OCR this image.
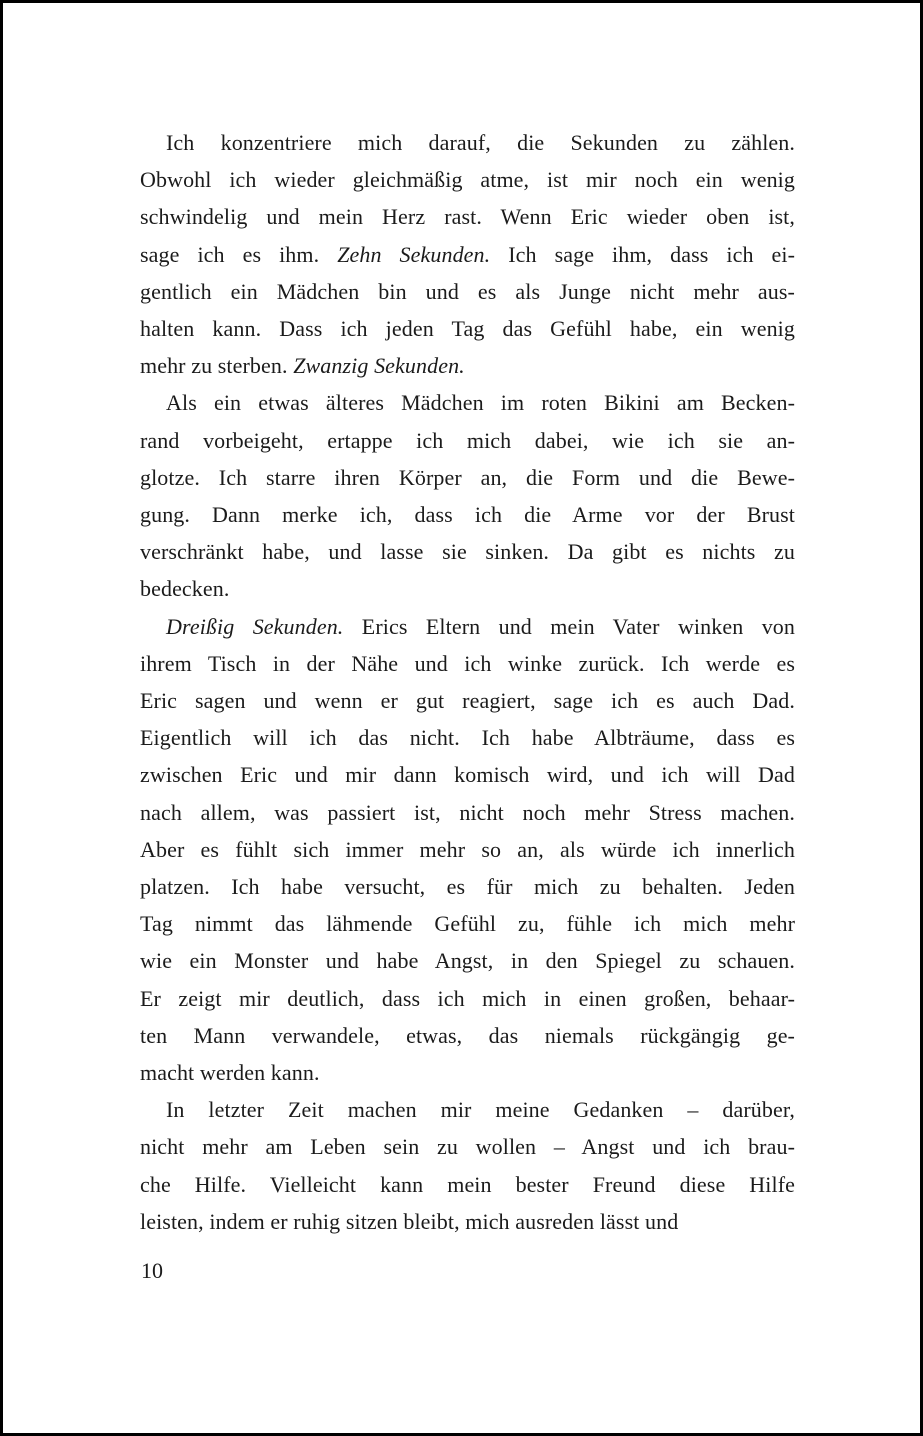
Ich konzentriere mich darauf, die Sekunden zu zählen.
Obwohl ich wieder gleichmäßig atme, ist mir noch ein wenig
schwindelig und mein Herz rast. Wenn Eric wieder oben ist,
sage ich es ihm. Zehn Sekunden. Ich sage ihm, dass ich ei-
gentlich ein Mädchen bin und es als Junge nicht mehr aus-
halten kann. Dass ich jeden Tag das Gefühl habe, ein wenig
mehr zu sterben. Zwanzig Sekunden.
Als ein etwas älteres Mädchen im roten Bikini am Becken-
rand vorbeigeht, ertappe ich mich dabei, wie ich sie an-
glotze. Ich starre ihren Körper an, die Form und die Bewe-
gung. Dann merke ich, dass ich die Arme vor der Brust
verschränkt habe, und lasse sie sinken. Da gibt es nichts zu
bedecken.
Dreißig Sekunden. Erics Eltern und mein Vater winken von
ihrem Tisch in der Nähe und ich winke zurück. Ich werde es
Eric sagen und wenn er gut reagiert, sage ich es auch Dad.
Eigentlich will ich das nicht. Ich habe Albträume, dass es
zwischen Eric und mir dann komisch wird, und ich will Dad
nach allem, was passiert ist, nicht noch mehr Stress machen.
Aber es fühlt sich immer mehr so an, als würde ich innerlich
platzen. Ich habe versucht, es für mich zu behalten. Jeden
Tag nimmt das lähmende Gefühl zu, fühle ich mich mehr
wie ein Monster und habe Angst, in den Spiegel zu schauen.
Er zeigt mir deutlich, dass ich mich in einen großen, behaar-
ten Mann verwandele, etwas, das niemals rückgängig ge-
macht werden kann.
In letzter Zeit machen mir meine Gedanken – darüber,
nicht mehr am Leben sein zu wollen – Angst und ich brau-
che Hilfe. Vielleicht kann mein bester Freund diese Hilfe
leisten, indem er ruhig sitzen bleibt, mich ausreden lässt und
10
